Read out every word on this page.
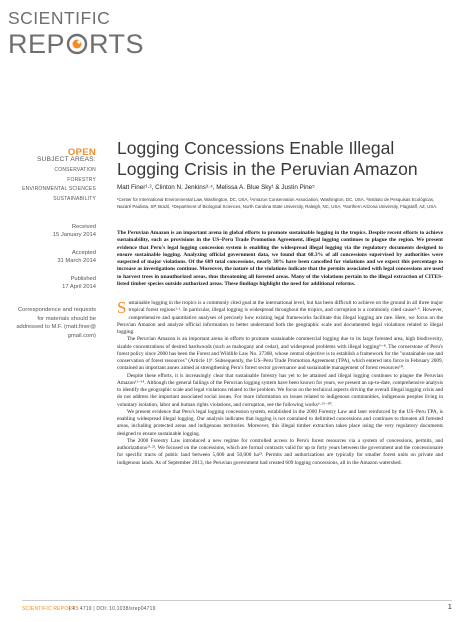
SCIENTIFIC
REP RTS
OPEN
SUBJECT AREAS:
CONSERVATION
FORESTRY
ENVIRONMENTAL SCIENCES
SUSTAINABILITY
Received
15 January 2014
Accepted
31 March 2014
Published
17 April 2014
Correspondence and requests for materials should be addressed to M.F. (matt.finer@ gmail.com)
Logging Concessions Enable Illegal
Logging Crisis in the Peruvian Amazon
Matt Finer¹·², Clinton N. Jenkins³·⁴, Melissa A. Blue Sky¹ & Justin Pine⁵
¹Center for International Environmental Law, Washington, DC, USA, ²Amazon Conservation Association, Washington, DC, USA, ³Instituto de Pesquisas Ecológicas, Nazaré Paulista, SP, Brazil, ⁴Department of Biological Sciences, North Carolina State University, Raleigh, NC, USA, ⁵Northern Arizona University, Flagstaff, AZ, USA.
The Peruvian Amazon is an important arena in global efforts to promote sustainable logging in the tropics. Despite recent efforts to achieve sustainability, such as provisions in the US–Peru Trade Promotion Agreement, illegal logging continues to plague the region. We present evidence that Peru's legal logging concession system is enabling the widespread illegal logging via the regulatory documents designed to ensure sustainable logging. Analyzing official government data, we found that 68.3% of all concessions supervised by authorities were suspected of major violations. Of the 609 total concessions, nearly 30% have been cancelled for violations and we expect this percentage to increase as investigations continue. Moreover, the nature of the violations indicate that the permits associated with legal concessions are used to harvest trees in unauthorized areas, thus threatening all forested areas. Many of the violations pertain to the illegal extraction of CITES-listed timber species outside authorized areas. These findings highlight the need for additional reforms.

Sustainable logging in the tropics is a commonly cited goal at the international level, but has been difficult to achieve on the ground in all three major tropical forest regions¹·². In particular, illegal logging is widespread throughout the tropics, and corruption is a commonly cited cause³·⁴. However, comprehensive and quantitative analyses of precisely how existing legal frameworks facilitate this illegal logging are rare. Here, we focus on the Peruvian Amazon and analyze official information to better understand both the geographic scale and documented legal violations related to illegal logging.

The Peruvian Amazon is an important arena in efforts to promote sustainable commercial logging due to its large forested area, high biodiversity, sizable concentrations of desired hardwoods (such as mahogany and cedar), and widespread problems with illegal logging⁵⁻⁸. The cornerstone of Peru's forest policy since 2000 has been the Forest and Wildlife Law No. 27308, whose central objective is to establish a framework for the "sustainable use and conservation of forest resources" (Article 1)⁹. Subsequently, the US–Peru Trade Promotion Agreement (TPA), which entered into force in February 2009, contained an important annex aimed at strengthening Peru's forest sector governance and sustainable management of forest resources¹⁰.

Despite these efforts, it is increasingly clear that sustainable forestry has yet to be attained and illegal logging continues to plague the Peruvian Amazon¹¹⁻¹⁴. Although the general failings of the Peruvian logging system have been known for years, we present an up-to-date, comprehensive analysis to identify the geographic scale and legal violations related to the problem. We focus on the technical aspects driving the overall illegal logging crisis and do not address the important associated social issues. For more information on issues related to indigenous communities, indigenous peoples living in voluntary isolation, labor and human rights violations, and corruption, see the following works⁶·¹⁵⁻²⁰.

We present evidence that Peru's legal logging concession system, established in the 2000 Forestry Law and later reinforced by the US–Peru TPA, is enabling widespread illegal logging. Our analysis indicates that logging is not contained to delimited concessions and continues to threaten all forested areas, including protected areas and indigenous territories. Moreover, this illegal timber extraction takes place using the very regulatory documents designed to ensure sustainable logging.

The 2000 Forestry Law introduced a new regime for controlled access to Peru's forest resources via a system of concessions, permits, and authorizations²¹·²². We focused on the concessions, which are formal contracts valid for up to forty years between the government and the concessionaire for specific tracts of public land between 5,000 and 50,000 ha²³. Permits and authorizations are typically for smaller forest units on private and indigenous lands. As of September 2013, the Peruvian government had created 609 logging concessions, all in the Amazon watershed.

SCIENTIFIC REPORTS
| 4 : 4719 | DOI: 10.1038/srep04719	1
